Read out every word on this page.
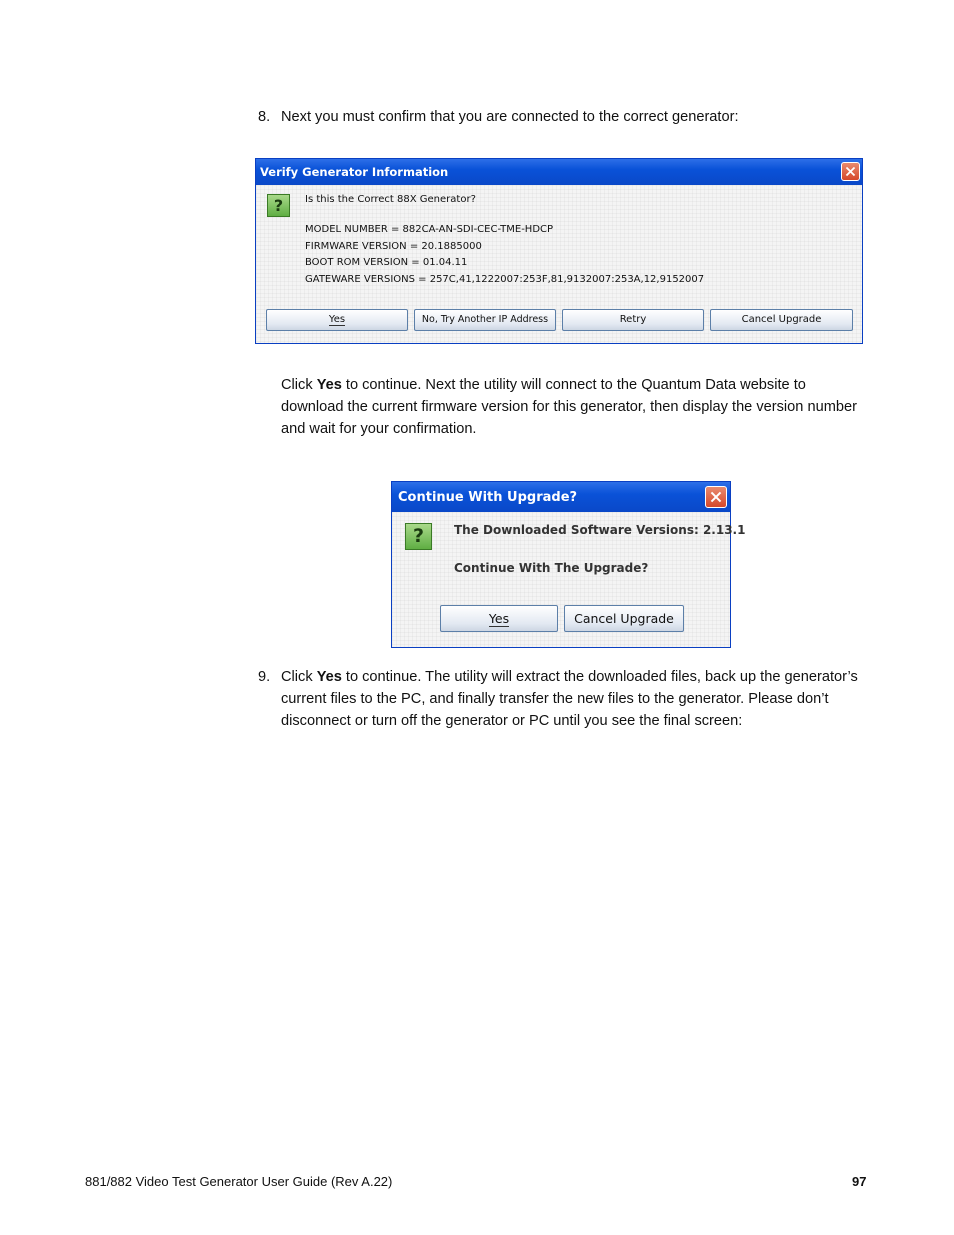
8. Next you must confirm that you are connected to the correct generator:

Verify Generator Information
?	Is this the Correct 88X Generator?
MODEL NUMBER = 882CA-AN-SDI-CEC-TME-HDCP
FIRMWARE VERSION = 20.1885000
BOOT ROM VERSION = 01.04.11
GATEWARE VERSIONS = 257C,41,1222007:253F,81,9132007:253A,12,9152007
Yes	No, Try Another IP Address	Retry	Cancel Upgrade

Click Yes to continue. Next the utility will connect to the Quantum Data website to download the current firmware version for this generator, then display the version number and wait for your confirmation.

Continue With Upgrade?
?	The Downloaded Software Versions: 2.13.1
Continue With The Upgrade?
Yes	Cancel Upgrade
9. Click Yes to continue. The utility will extract the downloaded files, back up the generator’s current files to the PC, and finally transfer the new files to the generator. Please don’t disconnect or turn off the generator or PC until you see the final screen:

881/882 Video Test Generator User Guide (Rev A.22)	97
